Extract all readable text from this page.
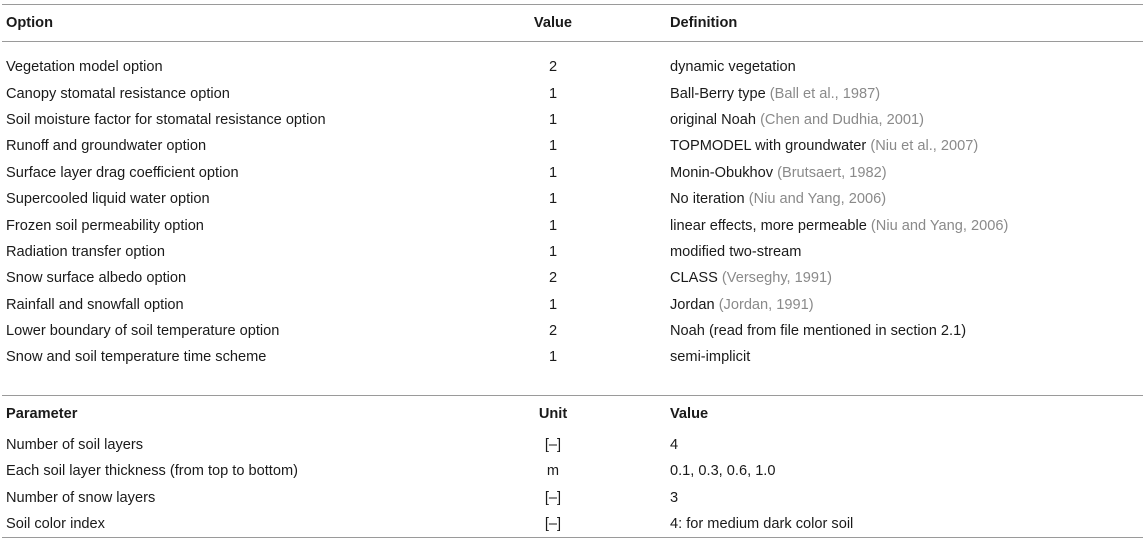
Option	Value	Definition

Vegetation model option	2	dynamic vegetation
Canopy stomatal resistance option	1	Ball-Berry type (Ball et al., 1987)
Soil moisture factor for stomatal resistance option	1	original Noah (Chen and Dudhia, 2001)
Runoff and groundwater option	1	TOPMODEL with groundwater (Niu et al., 2007)
Surface layer drag coefficient option	1	Monin-Obukhov (Brutsaert, 1982)
Supercooled liquid water option	1	No iteration (Niu and Yang, 2006)
Frozen soil permeability option	1	linear effects, more permeable (Niu and Yang, 2006)
Radiation transfer option	1	modified two-stream
Snow surface albedo option	2	CLASS (Verseghy, 1991)
Rainfall and snowfall option	1	Jordan (Jordan, 1991)
Lower boundary of soil temperature option	2	Noah (read from file mentioned in section 2.1)
Snow and soil temperature time scheme	1	semi-implicit

Parameter	Unit	Value
Number of soil layers	[–]	4
Each soil layer thickness (from top to bottom)	m	0.1, 0.3, 0.6, 1.0
Number of snow layers	[–]	3
Soil color index	[–]	4: for medium dark color soil
